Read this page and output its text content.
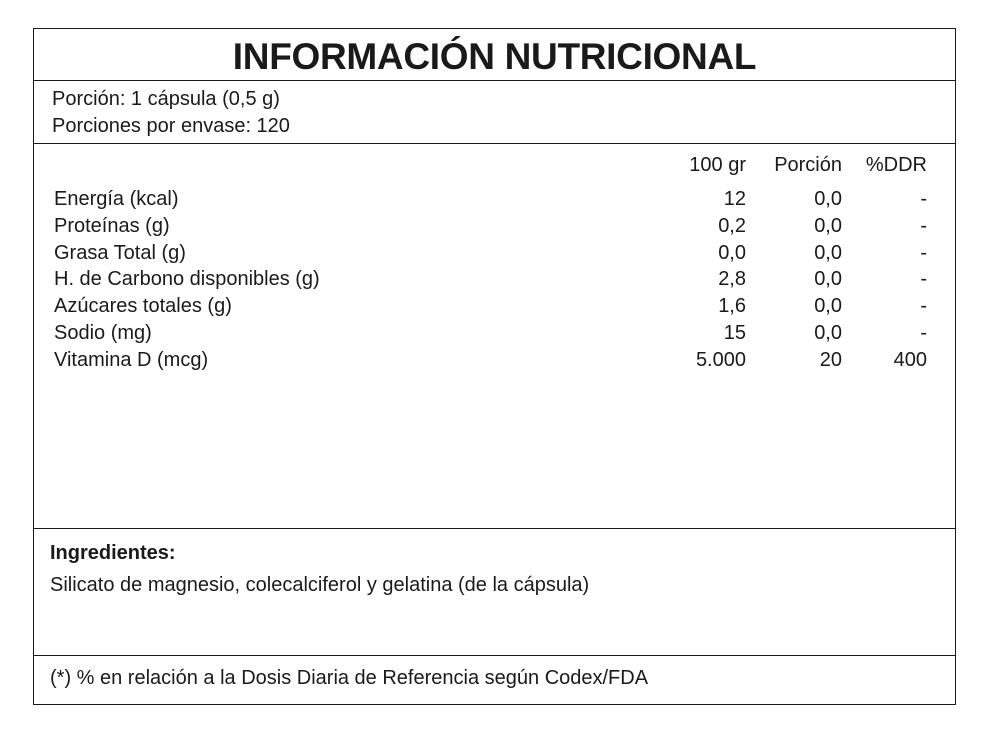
INFORMACIÓN NUTRICIONAL
Porción: 1 cápsula (0,5 g)
Porciones por envase: 120
100 gr Porción %DDR
Energía (kcal)	12	0,0	-
Proteínas (g)	0,2	0,0	-
Grasa Total (g)	0,0	0,0	-
H. de Carbono disponibles (g)	2,8	0,0	-
Azúcares totales (g)	1,6	0,0	-
Sodio (mg)	15	0,0	-
Vitamina D (mcg)	5.000	20	400
Ingredientes:
Silicato de magnesio, colecalciferol y gelatina (de la cápsula)
(*) % en relación a la Dosis Diaria de Referencia según Codex/FDA
